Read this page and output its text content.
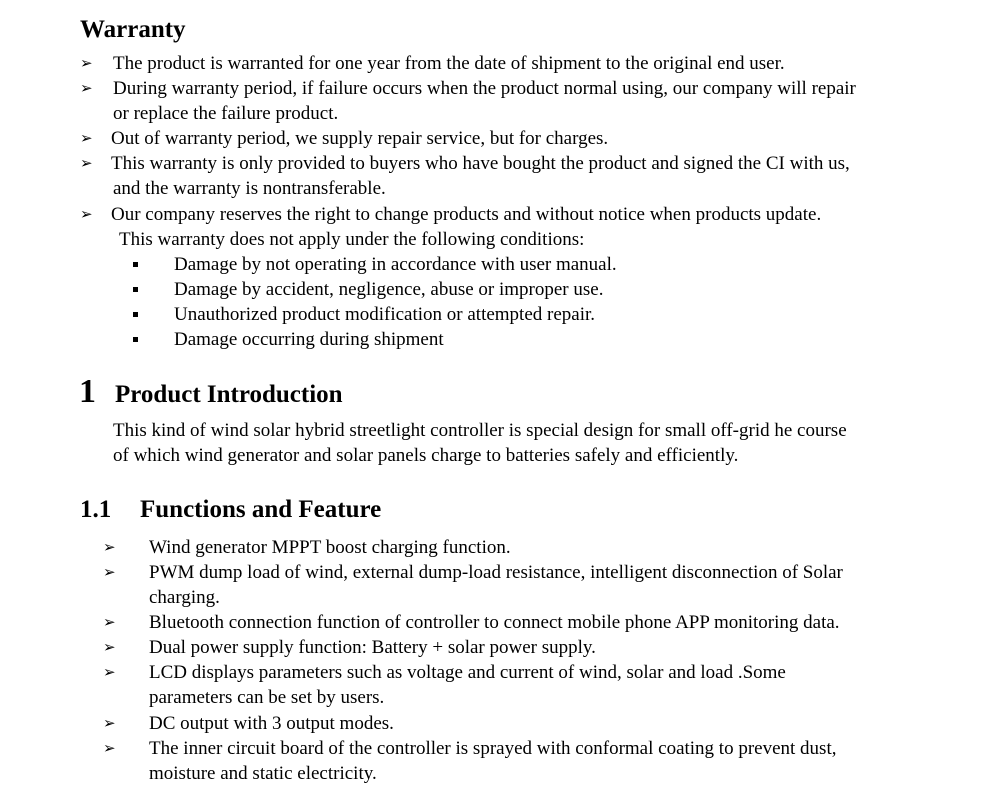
Warranty
➢ The product is warranted for one year from the date of shipment to the original end user.
➢ During warranty period, if failure occurs when the product normal using, our company will repair
or replace the failure product.
➢ Out of warranty period, we supply repair service, but for charges.
➢ This warranty is only provided to buyers who have bought the product and signed the CI with us,
and the warranty is nontransferable.
➢ Our company reserves the right to change products and without notice when products update.
This warranty does not apply under the following conditions:
Damage by not operating in accordance with user manual.
Damage by accident, negligence, abuse or improper use.
Unauthorized product modification or attempted repair.
Damage occurring during shipment
1 Product Introduction
This kind of wind solar hybrid streetlight controller is special design for small off-grid he course
of which wind generator and solar panels charge to batteries safely and efficiently.
1.1 Functions and Feature
➢ Wind generator MPPT boost charging function.
➢ PWM dump load of wind, external dump-load resistance, intelligent disconnection of Solar
charging.
➢ Bluetooth connection function of controller to connect mobile phone APP monitoring data.
➢ Dual power supply function: Battery + solar power supply.
➢ LCD displays parameters such as voltage and current of wind, solar and load .Some
parameters can be set by users.
➢ DC output with 3 output modes.
➢ The inner circuit board of the controller is sprayed with conformal coating to prevent dust,
moisture and static electricity.
